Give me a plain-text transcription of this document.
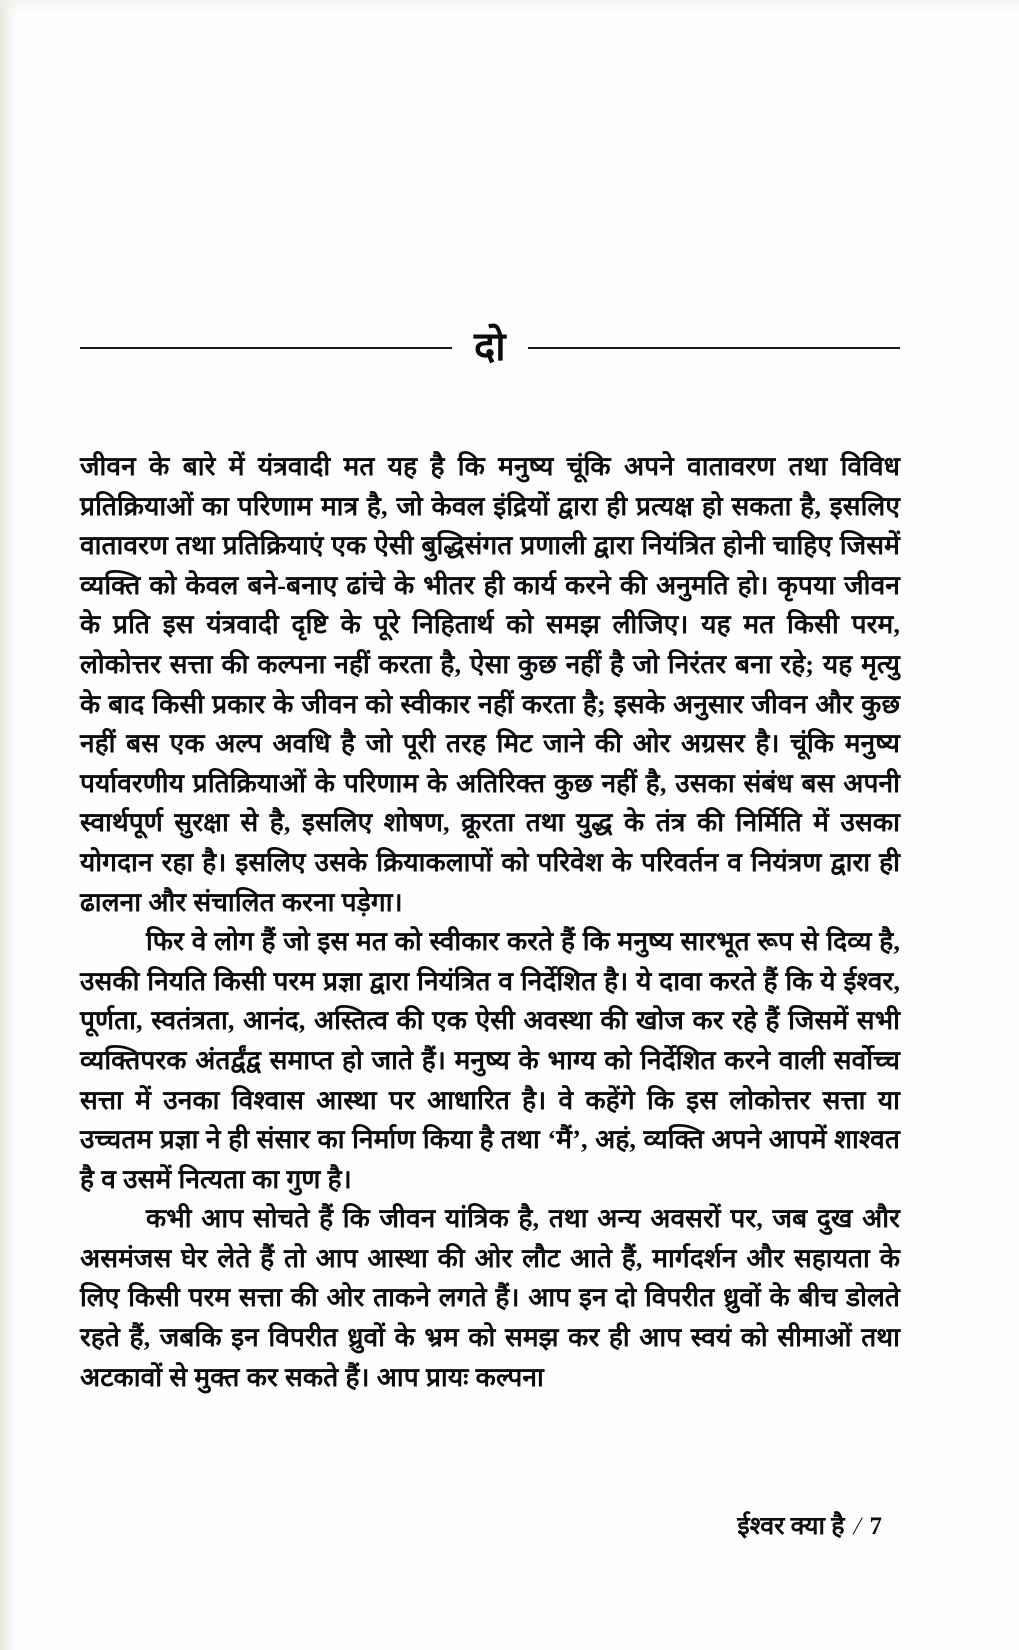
दो

जीवन के बारे में यंत्रवादी मत यह है कि मनुष्य चूंकि अपने वातावरण तथा विविध प्रतिक्रियाओं का परिणाम मात्र है, जो केवल इंद्रियों द्वारा ही प्रत्यक्ष हो सकता है, इसलिए वातावरण तथा प्रतिक्रियाएं एक ऐसी बुद्धिसंगत प्रणाली द्वारा नियंत्रित होनी चाहिए जिसमें व्यक्ति को केवल बने-बनाए ढांचे के भीतर ही कार्य करने की अनुमति हो। कृपया जीवन के प्रति इस यंत्रवादी दृष्टि के पूरे निहितार्थ को समझ लीजिए। यह मत किसी परम, लोकोत्तर सत्ता की कल्पना नहीं करता है, ऐसा कुछ नहीं है जो निरंतर बना रहे; यह मृत्यु के बाद किसी प्रकार के जीवन को स्वीकार नहीं करता है; इसके अनुसार जीवन और कुछ नहीं बस एक अल्प अवधि है जो पूरी तरह मिट जाने की ओर अग्रसर है। चूंकि मनुष्य पर्यावरणीय प्रतिक्रियाओं के परिणाम के अतिरिक्त कुछ नहीं है, उसका संबंध बस अपनी स्वार्थपूर्ण सुरक्षा से है, इसलिए शोषण, क्रूरता तथा युद्ध के तंत्र की निर्मिति में उसका योगदान रहा है। इसलिए उसके क्रियाकलापों को परिवेश के परिवर्तन व नियंत्रण द्वारा ही ढालना और संचालित करना पड़ेगा।

फिर वे लोग हैं जो इस मत को स्वीकार करते हैं कि मनुष्य सारभूत रूप से दिव्य है, उसकी नियति किसी परम प्रज्ञा द्वारा नियंत्रित व निर्देशित है। ये दावा करते हैं कि ये ईश्वर, पूर्णता, स्वतंत्रता, आनंद, अस्तित्व की एक ऐसी अवस्था की खोज कर रहे हैं जिसमें सभी व्यक्तिपरक अंतर्द्वंद्व समाप्त हो जाते हैं। मनुष्य के भाग्य को निर्देशित करने वाली सर्वोच्च सत्ता में उनका विश्वास आस्था पर आधारित है। वे कहेंगे कि इस लोकोत्तर सत्ता या उच्चतम प्रज्ञा ने ही संसार का निर्माण किया है तथा ‘मैं’, अहं, व्यक्ति अपने आपमें शाश्वत है व उसमें नित्यता का गुण है।

कभी आप सोचते हैं कि जीवन यांत्रिक है, तथा अन्य अवसरों पर, जब दुख और असमंजस घेर लेते हैं तो आप आस्था की ओर लौट आते हैं, मार्गदर्शन और सहायता के लिए किसी परम सत्ता की ओर ताकने लगते हैं। आप इन दो विपरीत ध्रुवों के बीच डोलते रहते हैं, जबकि इन विपरीत ध्रुवों के भ्रम को समझ कर ही आप स्वयं को सीमाओं तथा अटकावों से मुक्त कर सकते हैं। आप प्रायः कल्पना

ईश्वर क्या है / 7
